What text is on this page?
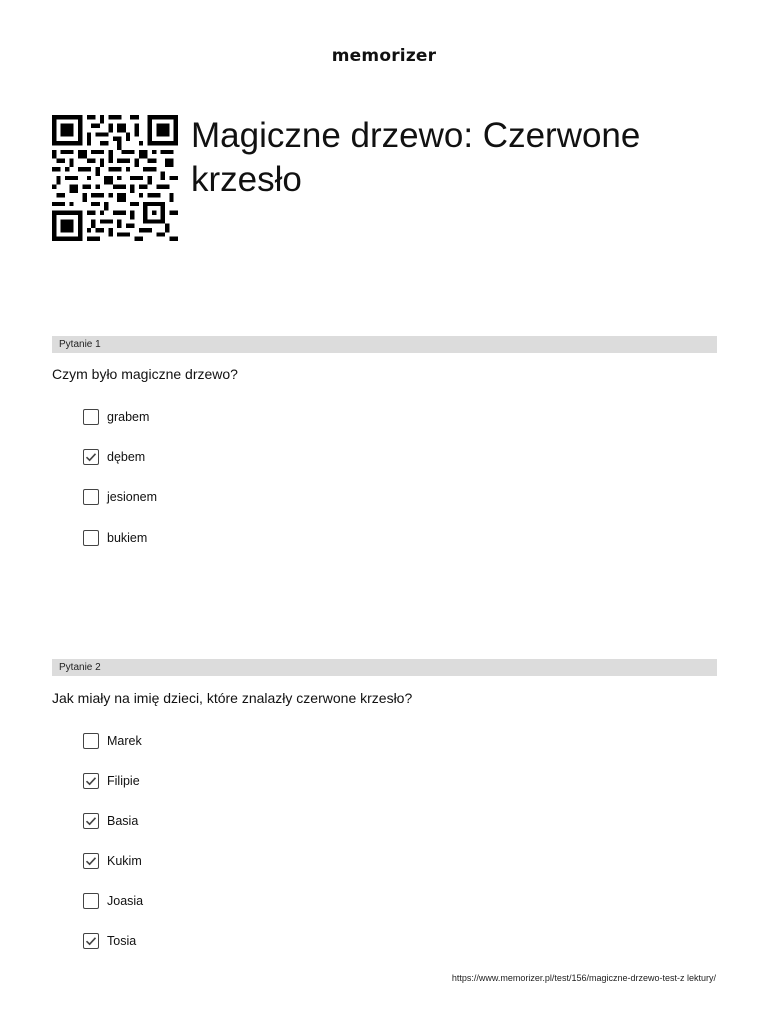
memorizer
Magiczne drzewo: Czerwone krzesło
Pytanie 1
Czym było magiczne drzewo?
grabem
dębem
jesionem
bukiem
Pytanie 2
Jak miały na imię dzieci, które znalazły czerwone krzesło?
Marek
Filipie
Basia
Kukim
Joasia
Tosia
https://www.memorizer.pl/test/156/magiczne-drzewo-test-z lektury/
